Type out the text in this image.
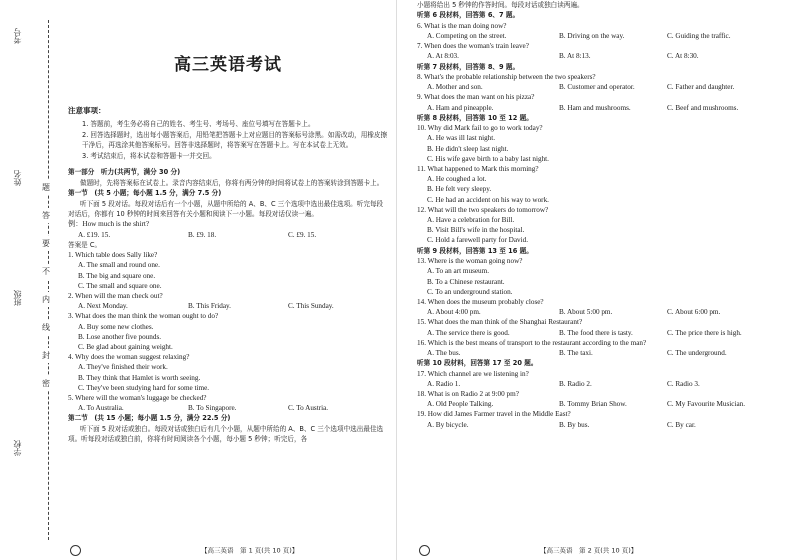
考号
姓名
班级
学校
题
答
要
不
内
线
封
密
高三英语考试

注意事项：

1. 答题前，考生务必将自己的姓名、考生号、考场号、座位号填写在答题卡上。

2. 回答选择题时，选出每小题答案后，用铅笔把答题卡上对应题目的答案标号涂黑。如需改动，用橡皮擦干净后，再选涂其他答案标号。回答非选择题时，将答案写在答题卡上。写在本试卷上无效。

3. 考试结束后，将本试卷和答题卡一并交回。

第一部分　听力(共两节，满分 30 分)

做题时，先将答案标在试卷上。录音内容结束后，你将有两分钟的时间将试卷上的答案转涂到答题卡上。

第一节　(共 5 小题；每小题 1.5 分，满分 7.5 分)

听下面 5 段对话。每段对话后有一个小题，从题中所给的 A、B、C 三个选项中选出最佳选项。听完每段对话后，你都有 10 秒钟的时间来回答有关小题和阅读下一小题。每段对话仅读一遍。

例：How much is the shirt?

A. £19. 15.	B. £9. 18.	C. £9. 15.

答案是 C。

1. Which table does Sally like?

A. The small and round one.

B. The big and square one.

C. The small and square one.

2. When will the man check out?

A. Next Monday.	B. This Friday.	C. This Sunday.

3. What does the man think the woman ought to do?

A. Buy some new clothes.

B. Lose another five pounds.

C. Be glad about gaining weight.

4. Why does the woman suggest relaxing?

A. They've finished their work.

B. They think that Hamlet is worth seeing.

C. They've been studying hard for some time.

5. Where will the woman's luggage be checked?

A. To Australia.	B. To Singapore.	C. To Austria.

第二节　(共 15 小题；每小题 1.5 分，满分 22.5 分)

听下面 5 段对话或独白。每段对话或独白后有几个小题，从题中所给的 A、B、C 三个选项中选出最佳选项。听每段对话或独白前，你将有时间阅读各个小题，每小题 5 秒钟；听完后，各

【高三英语　第 1 页(共 10 页)】

小题将给出 5 秒钟的作答时间。每段对话或独白读两遍。

听第 6 段材料，回答第 6、7 题。

6. What is the man doing now?

A. Competing on the street.	B. Driving on the way.	C. Guiding the traffic.

7. When does the woman's train leave?

A. At 8:03.	B. At 8:13.	C. At 8:30.

听第 7 段材料，回答第 8、9 题。

8. What's the probable relationship between the two speakers?

A. Mother and son.	B. Customer and operator.	C. Father and daughter.

9. What does the man want on his pizza?

A. Ham and pineapple.	B. Ham and mushrooms.	C. Beef and mushrooms.

听第 8 段材料，回答第 10 至 12 题。

10. Why did Mark fail to go to work today?

A. He was ill last night.

B. He didn't sleep last night.

C. His wife gave birth to a baby last night.

11. What happened to Mark this morning?

A. He coughed a lot.

B. He felt very sleepy.

C. He had an accident on his way to work.

12. What will the two speakers do tomorrow?

A. Have a celebration for Bill.

B. Visit Bill's wife in the hospital.

C. Hold a farewell party for David.

听第 9 段材料，回答第 13 至 16 题。

13. Where is the woman going now?

A. To an art museum.

B. To a Chinese restaurant.

C. To an underground station.

14. When does the museum probably close?

A. About 4:00 pm.	B. About 5:00 pm.	C. About 6:00 pm.

15. What does the man think of the Shanghai Restaurant?

A. The service there is good.	B. The food there is tasty.	C. The price there is high.

16. Which is the best means of transport to the restaurant according to the man?

A. The bus.	B. The taxi.	C. The underground.

听第 10 段材料，回答第 17 至 20 题。

17. Which channel are we listening in?

A. Radio 1.	B. Radio 2.	C. Radio 3.

18. What is on Radio 2 at 9:00 pm?

A. Old People Talking.	B. Tommy Brian Show.	C. My Favourite Musician.

19. How did James Farmer travel in the Middle East?

A. By bicycle.	B. By bus.	C. By car.
【高三英语　第 2 页(共 10 页)】
